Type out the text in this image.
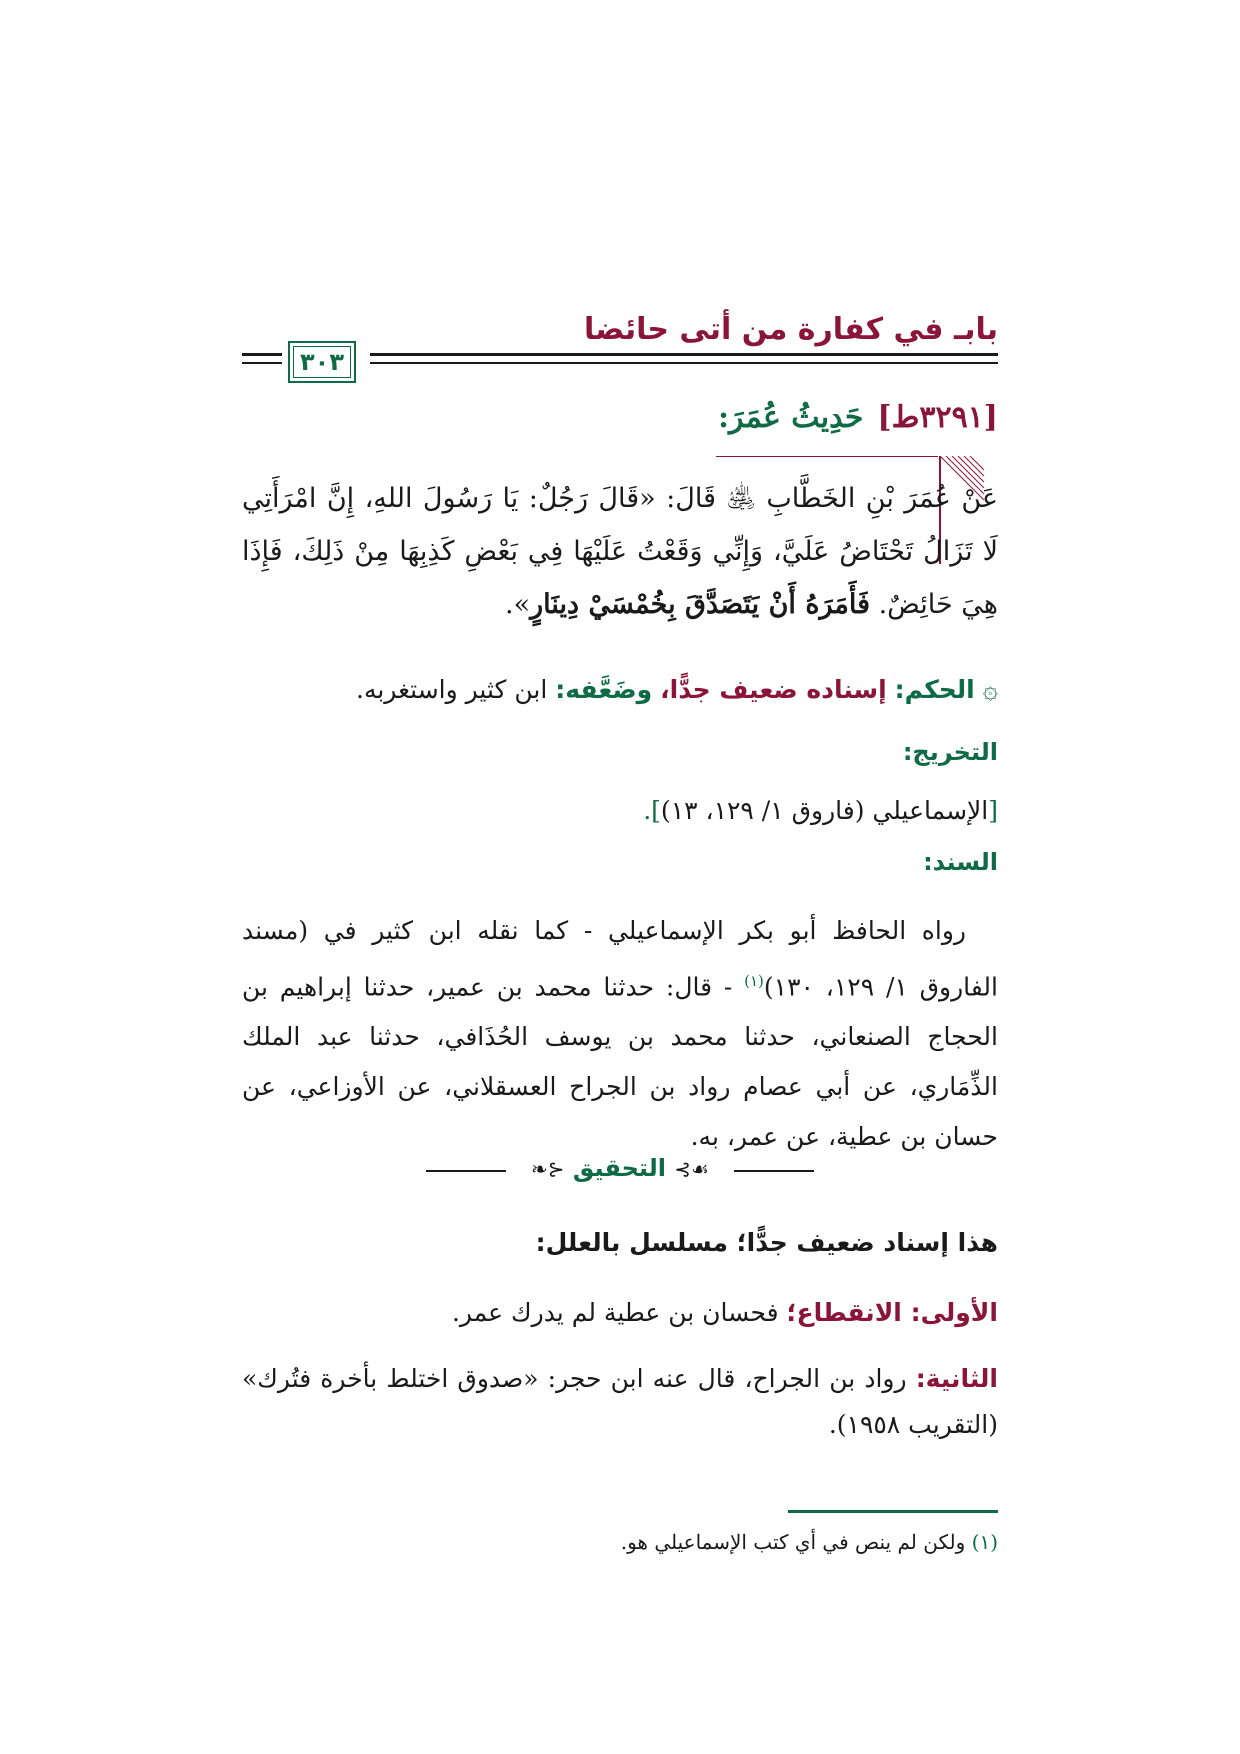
بابـ في كفارة من أتى حائضا
٣٠٣
[٣٢٩١ط]حَدِيثُ عُمَرَ:
عَنْ عُمَرَ بْنِ الخَطَّابِ ﵁ قَالَ: «قَالَ رَجُلٌ: يَا رَسُولَ اللهِ، إِنَّ امْرَأَتِي لَا تَزَالُ تَحْتَاضُ عَلَيَّ، وَإِنِّي وَقَعْتُ عَلَيْهَا فِي بَعْضِ كَذِبِهَا مِنْ ذَلِكَ، فَإِذَا هِيَ حَائِضٌ. فَأَمَرَهُ أَنْ يَتَصَدَّقَ بِخُمْسَيْ دِينَارٍ».
۞الحكم: إسناده ضعيف جدًّا، وضَعَّفه: ابن كثير واستغربه.
التخريج:
[الإسماعيلي (فاروق ١/ ١٢٩، ١٣)].
السند:
رواه الحافظ أبو بكر الإسماعيلي - كما نقله ابن كثير في (مسند الفاروق ١/ ١٢٩، ١٣٠)$^{(١)}$ - قال: حدثنا محمد بن عمير، حدثنا إبراهيم بن الحجاج الصنعاني، حدثنا محمد بن يوسف الحُذَافي، حدثنا عبد الملك الذِّمَاري، عن أبي عصام رواد بن الجراح العسقلاني، عن الأوزاعي، عن حسان بن عطية، عن عمر، به.
☙⊱ التحقيق ⊰❧
هذا إسناد ضعيف جدًّا؛ مسلسل بالعلل:
الأولى: الانقطاع؛ فحسان بن عطية لم يدرك عمر.
الثانية: رواد بن الجراح، قال عنه ابن حجر: «صدوق اختلط بأخرة فتُرك» (التقريب ١٩٥٨).
(١) ولكن لم ينص في أي كتب الإسماعيلي هو.
